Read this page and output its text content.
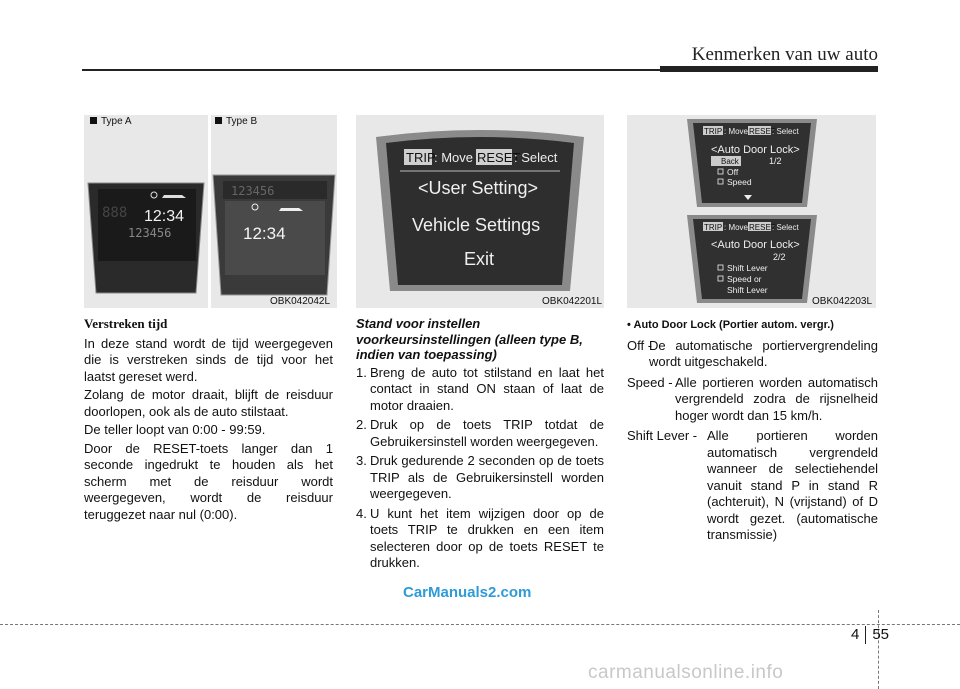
Kenmerken van uw auto
12:34
888
123456
123456
12:34
Type A	Type B
OBK042042L
TRIP
: Move RESET
: Select
<User Setting>
Vehicle Settings
Exit
OBK042201L
TRIP : Move RESET
: Select
<Auto Door Lock>
Back	1/2
Off
Speed
TRIP : Move RESET
: Select
<Auto Door Lock>
2/2
Shift Lever
Speed or
Shift Lever
OBK042203L
Verstreken tijd

In deze stand wordt de tijd weergegeven die is verstreken sinds de tijd voor het laatst gereset werd.

Zolang de motor draait, blijft de reisduur doorlopen, ook als de auto stilstaat.

De teller loopt van 0:00 - 99:59.

Door de RESET-toets langer dan 1 seconde ingedrukt te houden als het scherm met de reisduur wordt weergegeven, wordt de reisduur teruggezet naar nul (0:00).

Stand voor instellen voorkeursinstellingen (alleen type B, indien van toepassing)

1. Breng de auto tot stilstand en laat het contact in stand ON staan of laat de motor draaien.
2. Druk op de toets TRIP totdat de Gebruikersinstell worden weergegeven.
3. Druk gedurende 2 seconden op de toets TRIP als de Gebruikersinstell worden weergegeven.
4. U kunt het item wijzigen door op de toets TRIP te drukken en een item selecteren door op de toets RESET te drukken.
• Auto Door Lock (Portier autom. vergr.)
Off -
De automatische portiervergrendeling wordt uitgeschakeld.
Speed - Alle portieren worden automatisch vergrendeld zodra de rijsnelheid hoger wordt dan 15 km/h.
Shift Lever - Alle portieren worden automatisch vergrendeld wanneer de selectiehendel vanuit stand P in stand R (achteruit), N (vrijstand) of D wordt gezet. (automatische transmissie)
CarManuals2.com
4 55
carmanualsonline.info
